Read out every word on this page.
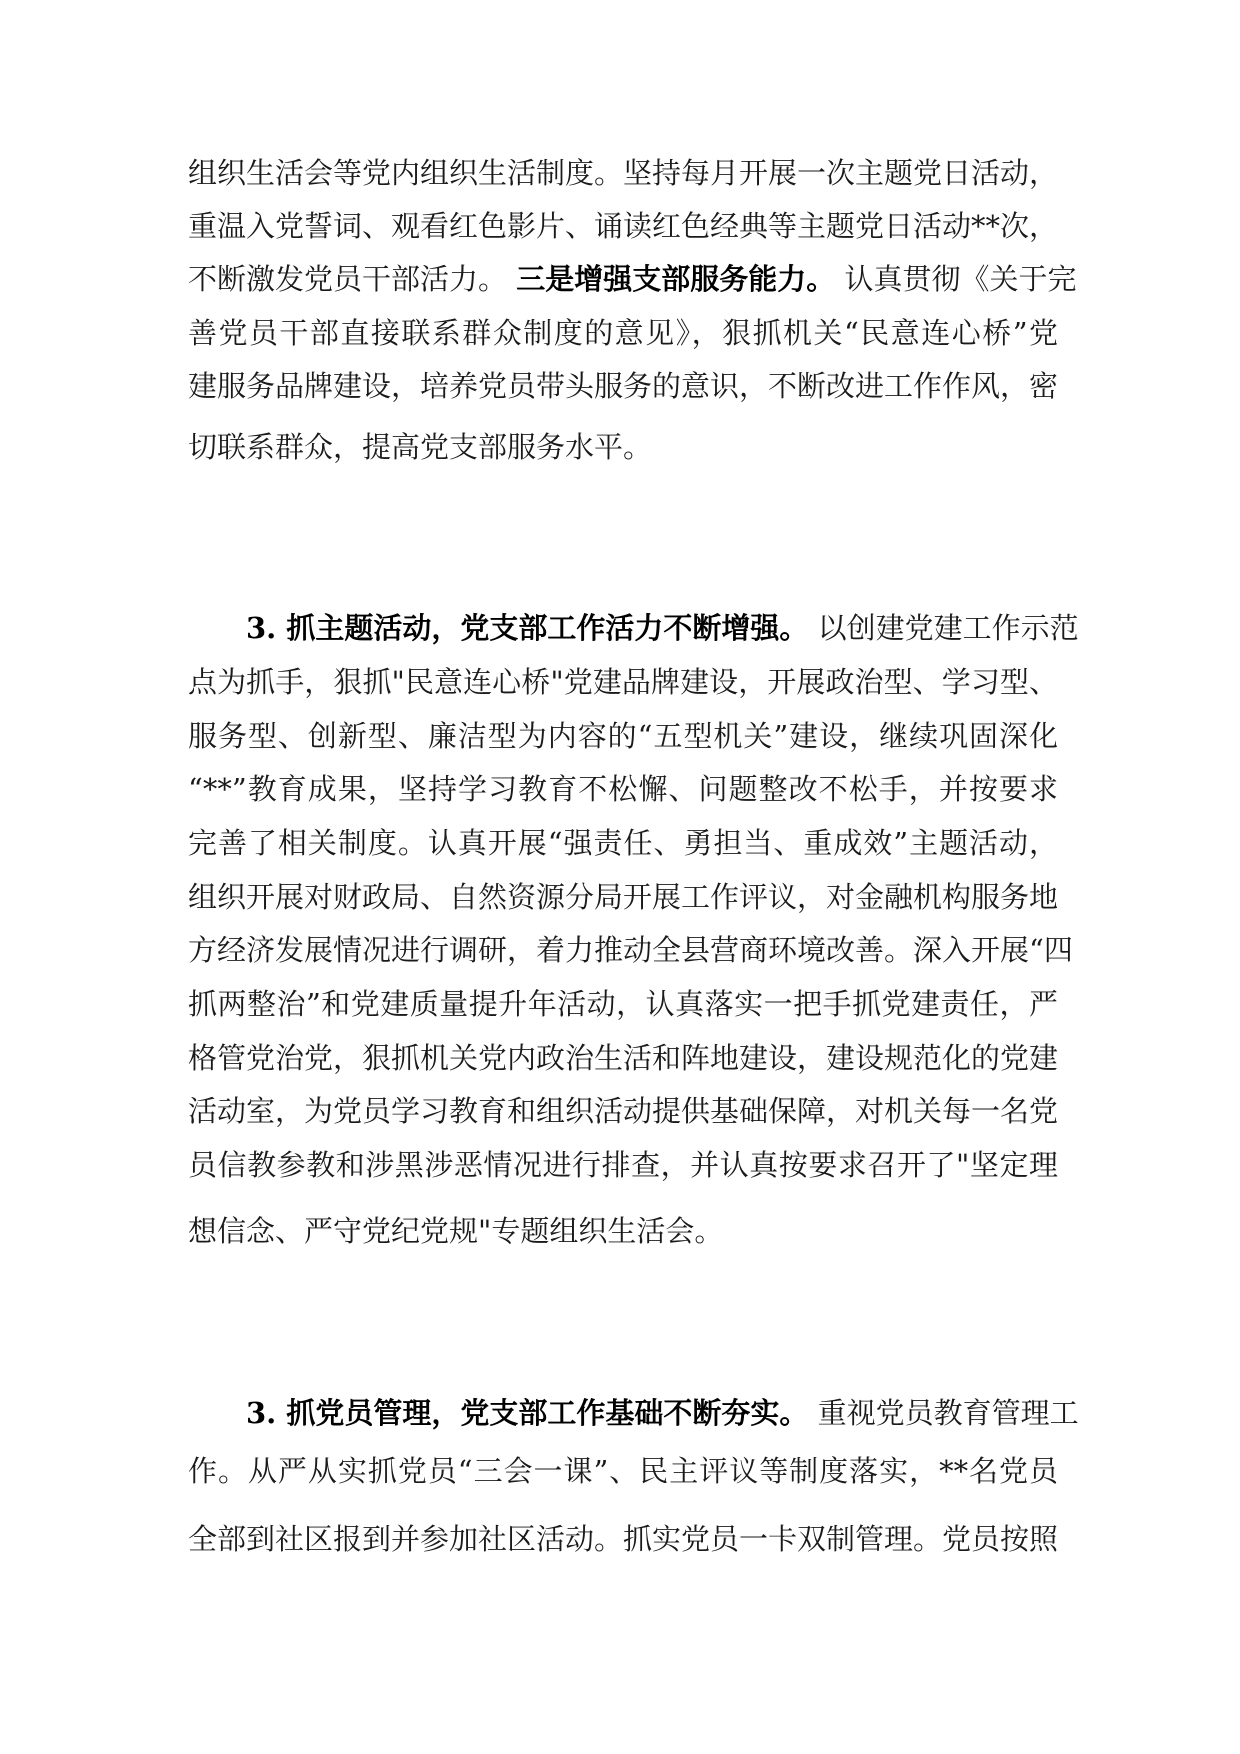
组织生活会等党内组织生活制度。坚持每月开展一次主题党日活动，
重温入党誓词、观看红色影片、诵读红色经典等主题党日活动**次，
不断激发党员干部活力。 三是增强支部服务能力。 认真贯彻《关于完
善党员干部直接联系群众制度的意见》，狠抓机关“民意连心桥”党
建服务品牌建设，培养党员带头服务的意识，不断改进工作作风，密
切联系群众，提高党支部服务水平。
3. 抓主题活动，党支部工作活力不断增强。 以创建党建工作示范
点为抓手，狠抓"民意连心桥"党建品牌建设，开展政治型、学习型、
服务型、创新型、廉洁型为内容的“五型机关”建设，继续巩固深化
“**”教育成果，坚持学习教育不松懈、问题整改不松手，并按要求
完善了相关制度。认真开展“强责任、勇担当、重成效”主题活动，
组织开展对财政局、自然资源分局开展工作评议，对金融机构服务地
方经济发展情况进行调研，着力推动全县营商环境改善。深入开展“四
抓两整治”和党建质量提升年活动，认真落实一把手抓党建责任，严
格管党治党，狠抓机关党内政治生活和阵地建设，建设规范化的党建
活动室，为党员学习教育和组织活动提供基础保障，对机关每一名党
员信教参教和涉黑涉恶情况进行排查，并认真按要求召开了"坚定理
想信念、严守党纪党规"专题组织生活会。
3. 抓党员管理，党支部工作基础不断夯实。 重视党员教育管理工
作。从严从实抓党员“三会一课”、民主评议等制度落实，**名党员
全部到社区报到并参加社区活动。抓实党员一卡双制管理。党员按照
